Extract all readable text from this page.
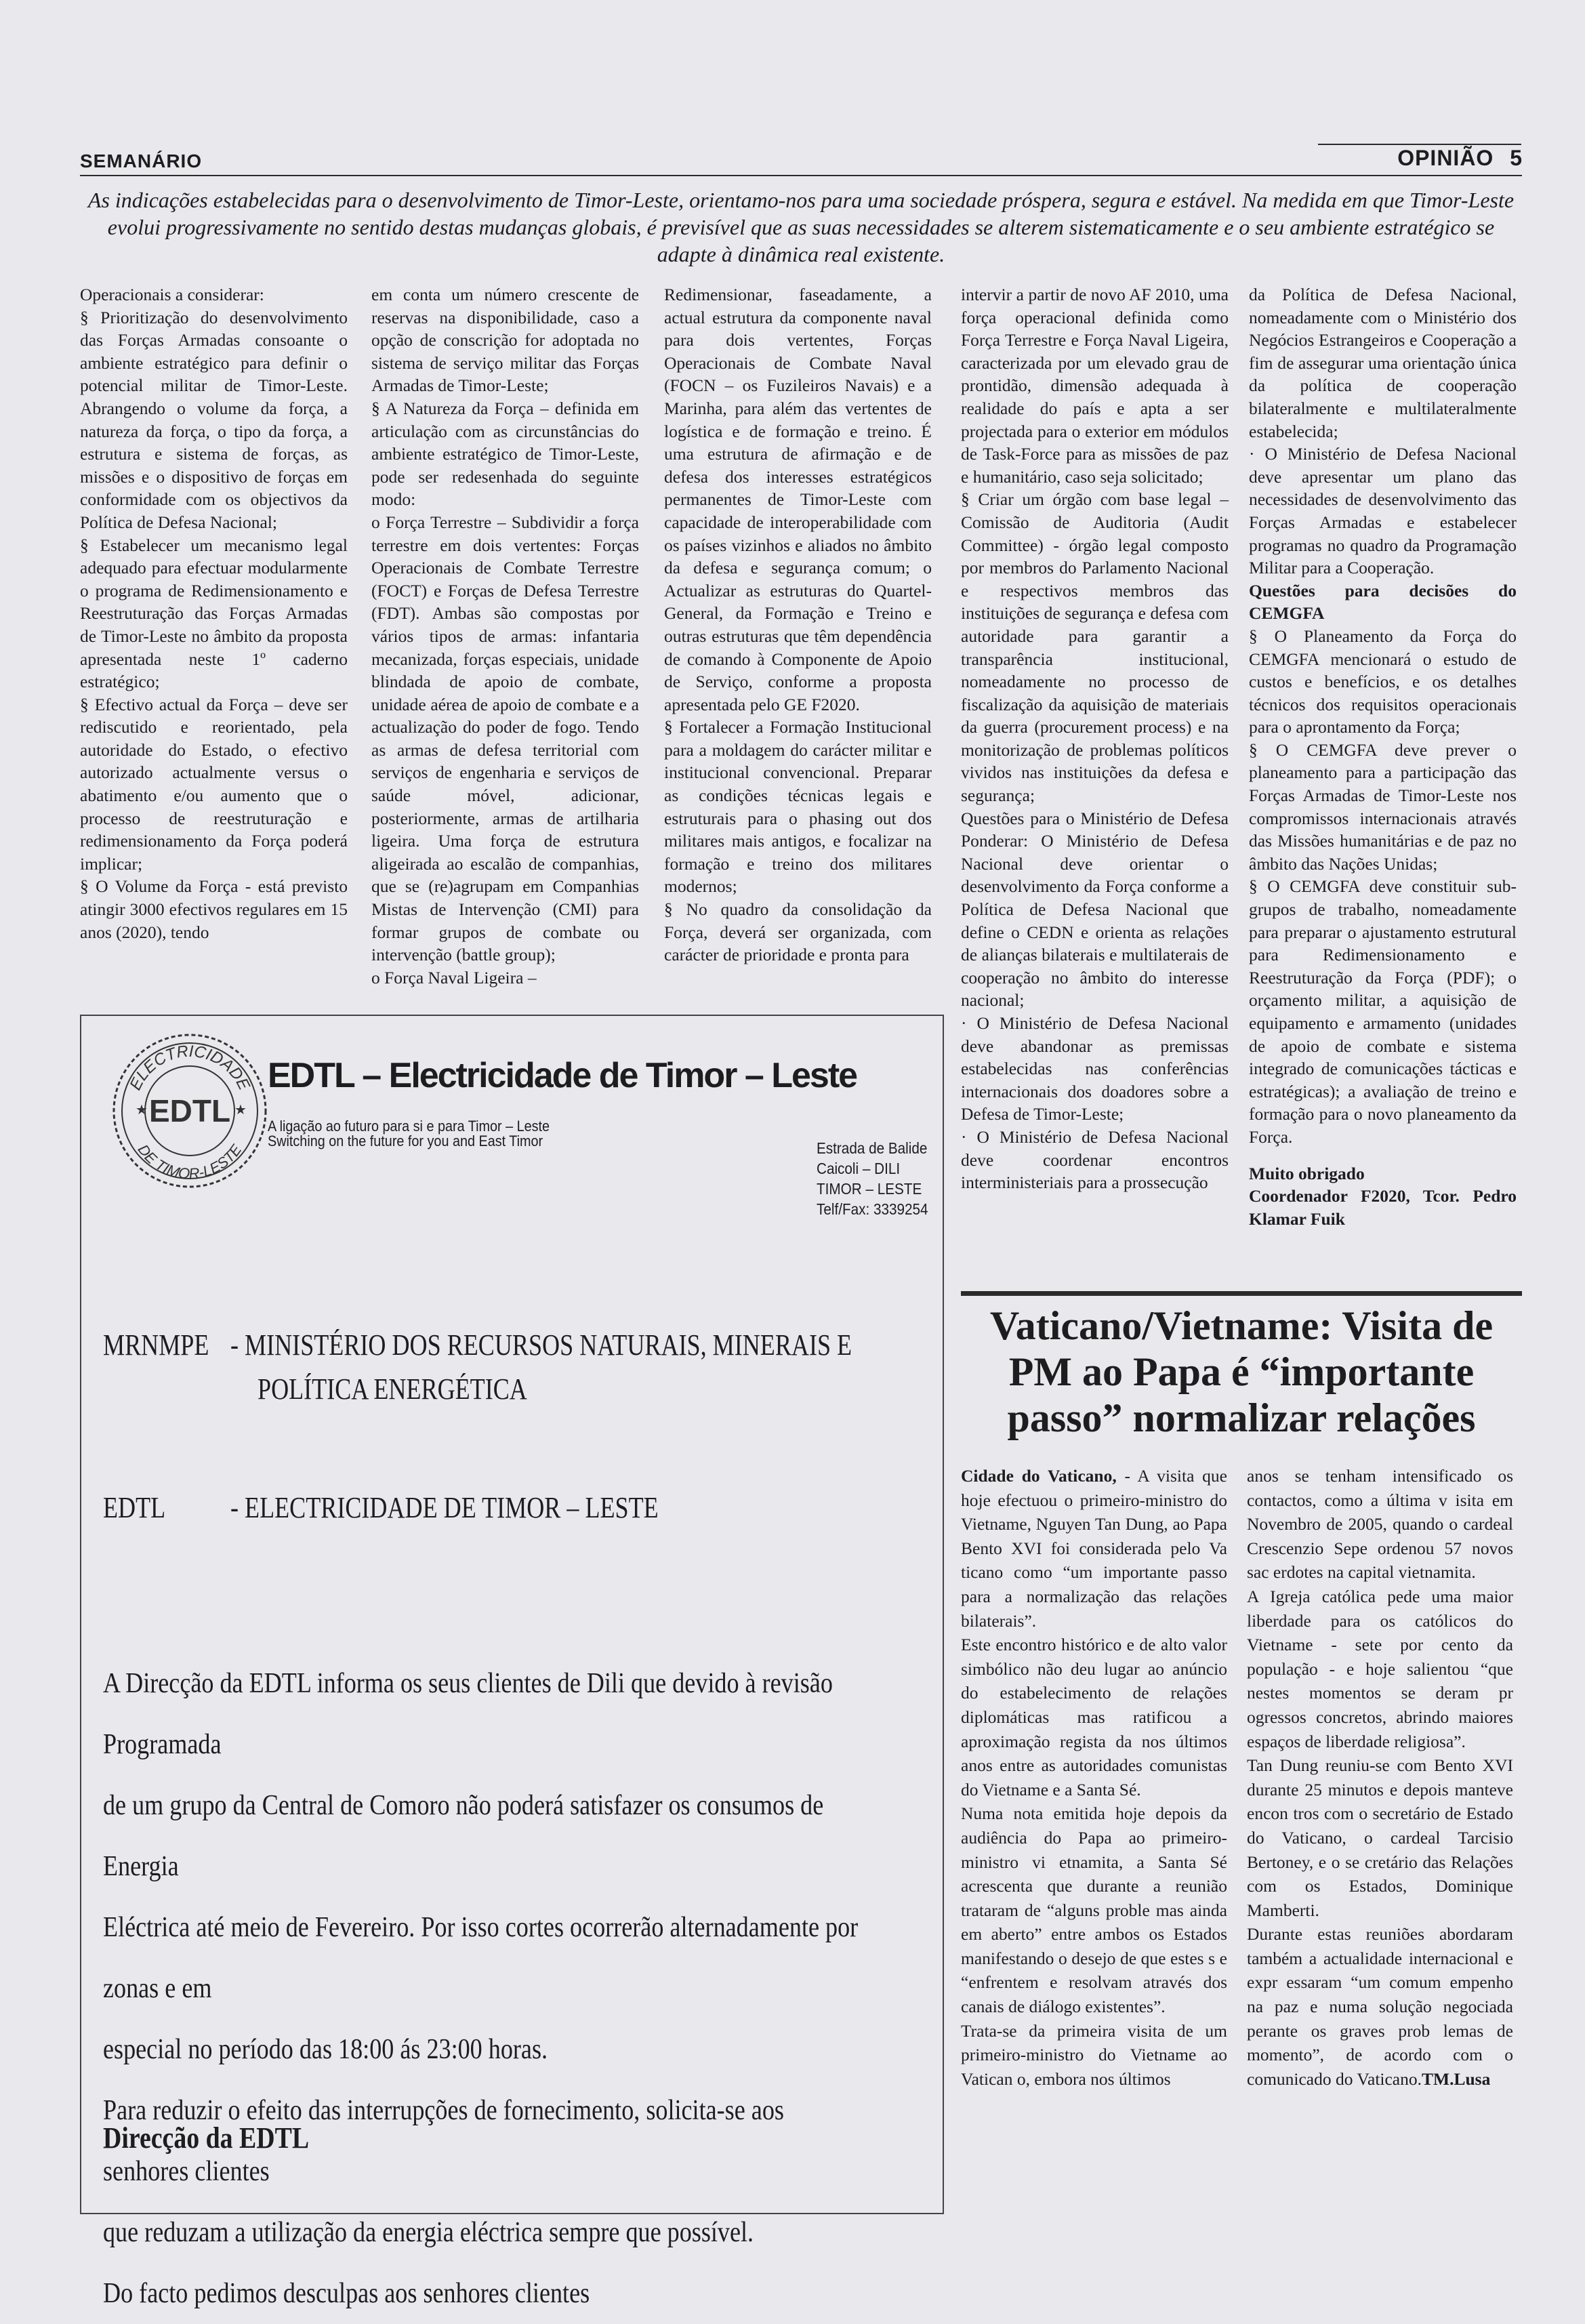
SEMANÁRIO	OPINIÃO 5
As indicações estabelecidas para o desenvolvimento de Timor-Leste, orientamo-nos para uma sociedade próspera, segura e estável. Na medida em que Timor-Leste evolui progressivamente no sentido destas mudanças globais, é previsível que as suas necessidades se alterem sistematicamente e o seu ambiente estratégico se adapte à dinâmica real existente.

Operacionais a considerar:

§ Prioritização do desenvolvimento das Forças Armadas consoante o ambiente estratégico para definir o potencial militar de Timor-Leste. Abrangendo o volume da força, a natureza da força, o tipo da força, a estrutura e sistema de forças, as missões e o dispositivo de forças em conformidade com os objectivos da Política de Defesa Nacional;

§ Estabelecer um mecanismo legal adequado para efectuar modularmente o programa de Redimensionamento e Reestruturação das Forças Armadas de Timor-Leste no âmbito da proposta apresentada neste 1º caderno estratégico;

§ Efectivo actual da Força – deve ser rediscutido e reorientado, pela autoridade do Estado, o efectivo autorizado actualmente versus o abatimento e/ou aumento que o processo de reestruturação e redimensionamento da Força poderá implicar;

§ O Volume da Força - está previsto atingir 3000 efectivos regulares em 15 anos (2020), tendo

em conta um número crescente de reservas na disponibilidade, caso a opção de conscrição for adoptada no sistema de serviço militar das Forças Armadas de Timor-Leste;

§ A Natureza da Força – definida em articulação com as circunstâncias do ambiente estratégico de Timor-Leste, pode ser redesenhada do seguinte modo:

o Força Terrestre – Subdividir a força terrestre em dois vertentes: Forças Operacionais de Combate Terrestre (FOCT) e Forças de Defesa Terrestre (FDT). Ambas são compostas por vários tipos de armas: infantaria mecanizada, forças especiais, unidade blindada de apoio de combate, unidade aérea de apoio de combate e a actualização do poder de fogo. Tendo as armas de defesa territorial com serviços de engenharia e serviços de saúde móvel, adicionar, posteriormente, armas de artilharia ligeira. Uma força de estrutura aligeirada ao escalão de companhias, que se (re)agrupam em Companhias Mistas de Intervenção (CMI) para formar grupos de combate ou intervenção (battle group);

o Força Naval Ligeira –

Redimensionar, faseadamente, a actual estrutura da componente naval para dois vertentes, Forças Operacionais de Combate Naval (FOCN – os Fuzileiros Navais) e a Marinha, para além das vertentes de logística e de formação e treino. É uma estrutura de afirmação e de defesa dos interesses estratégicos permanentes de Timor-Leste com capacidade de interoperabilidade com os países vizinhos e aliados no âmbito da defesa e segurança comum; o Actualizar as estruturas do Quartel-General, da Formação e Treino e outras estruturas que têm dependência de comando à Componente de Apoio de Serviço, conforme a proposta apresentada pelo GE F2020.

§ Fortalecer a Formação Institucional para a moldagem do carácter militar e institucional convencional. Preparar as condições técnicas legais e estruturais para o phasing out dos militares mais antigos, e focalizar na formação e treino dos militares modernos;

§ No quadro da consolidação da Força, deverá ser organizada, com carácter de prioridade e pronta para

intervir a partir de novo AF 2010, uma força operacional definida como Força Terrestre e Força Naval Ligeira, caracterizada por um elevado grau de prontidão, dimensão adequada à realidade do país e apta a ser projectada para o exterior em módulos de Task-Force para as missões de paz e humanitário, caso seja solicitado;

§ Criar um órgão com base legal – Comissão de Auditoria (Audit Committee) - órgão legal composto por membros do Parlamento Nacional e respectivos membros das instituições de segurança e defesa com autoridade para garantir a transparência institucional, nomeadamente no processo de fiscalização da aquisição de materiais da guerra (procurement process) e na monitorização de problemas políticos vividos nas instituições da defesa e segurança;

Questões para o Ministério de Defesa Ponderar: O Ministério de Defesa Nacional deve orientar o desenvolvimento da Força conforme a Política de Defesa Nacional que define o CEDN e orienta as relações de alianças bilaterais e multilaterais de cooperação no âmbito do interesse nacional;

· O Ministério de Defesa Nacional deve abandonar as premissas estabelecidas nas conferências internacionais dos doadores sobre a Defesa de Timor-Leste;

· O Ministério de Defesa Nacional deve coordenar encontros interministeriais para a prossecução

da Política de Defesa Nacional, nomeadamente com o Ministério dos Negócios Estrangeiros e Cooperação a fim de assegurar uma orientação única da política de cooperação bilateralmente e multilateralmente estabelecida;

· O Ministério de Defesa Nacional deve apresentar um plano das necessidades de desenvolvimento das Forças Armadas e estabelecer programas no quadro da Programação Militar para a Cooperação.

Questões para decisões do CEMGFA

§ O Planeamento da Força do CEMGFA mencionará o estudo de custos e benefícios, e os detalhes técnicos dos requisitos operacionais para o aprontamento da Força;

§ O CEMGFA deve prever o planeamento para a participação das Forças Armadas de Timor-Leste nos compromissos internacionais através das Missões humanitárias e de paz no âmbito das Nações Unidas;

§ O CEMGFA deve constituir sub-grupos de trabalho, nomeadamente para preparar o ajustamento estrutural para Redimensionamento e Reestruturação da Força (PDF); o orçamento militar, a aquisição de equipamento e armamento (unidades de apoio de combate e sistema integrado de comunicações tácticas e estratégicas); a avaliação de treino e formação para o novo planeamento da Força.

Muito obrigado

Coordenador F2020, Tcor. Pedro Klamar Fuik

ELECTRICIDADE
DE TIMOR-LESTE
EDTL
★	★
EDTL – Electricidade de Timor – Leste
A ligação ao futuro para si e para Timor – Leste
Switching on the future for you and East Timor	Estrada de Balide
Caicoli – DILI
TIMOR – LESTE
Telf/Fax: 3339254
MRNMPE - MINISTÉRIO DOS RECURSOS NATURAIS, MINERAIS E
POLÍTICA ENERGÉTICA
EDTL - ELECTRICIDADE DE TIMOR – LESTE

A Direcção da EDTL informa os seus clientes de Dili que devido à revisão Programada

de um grupo da Central de Comoro não poderá satisfazer os consumos de Energia

Eléctrica até meio de Fevereiro. Por isso cortes ocorrerão alternadamente por zonas e em

especial no período das 18:00 ás 23:00 horas.

Para reduzir o efeito das interrupções de fornecimento, solicita-se aos senhores clientes

que reduzam a utilização da energia eléctrica sempre que possível.

Do facto pedimos desculpas aos senhores clientes

Direcção da EDTL
Vaticano/Vietname: Visita de PM ao Papa é “importante passo” normalizar relações

Cidade do Vaticano, - A visita que hoje efectuou o primeiro-ministro do Vietname, Nguyen Tan Dung, ao Papa Bento XVI foi considerada pelo Va ticano como “um importante passo para a normalização das relações bilaterais”.

Este encontro histórico e de alto valor simbólico não deu lugar ao anúncio do estabelecimento de relações diplomáticas mas ratificou a aproximação regista da nos últimos anos entre as autoridades comunistas do Vietname e a Santa Sé.

Numa nota emitida hoje depois da audiência do Papa ao primeiro-ministro vi etnamita, a Santa Sé acrescenta que durante a reunião trataram de “alguns proble mas ainda em aberto” entre ambos os Estados manifestando o desejo de que estes s e “enfrentem e resolvam através dos canais de diálogo existentes”.

Trata-se da primeira visita de um primeiro-ministro do Vietname ao Vatican o, embora nos últimos

anos se tenham intensificado os contactos, como a última v isita em Novembro de 2005, quando o cardeal Crescenzio Sepe ordenou 57 novos sac erdotes na capital vietnamita.

A Igreja católica pede uma maior liberdade para os católicos do Vietname - sete por cento da população - e hoje salientou “que nestes momentos se deram pr ogressos concretos, abrindo maiores espaços de liberdade religiosa”.

Tan Dung reuniu-se com Bento XVI durante 25 minutos e depois manteve encon tros com o secretário de Estado do Vaticano, o cardeal Tarcisio Bertoney, e o se cretário das Relações com os Estados, Dominique Mamberti.

Durante estas reuniões abordaram também a actualidade internacional e expr essaram “um comum empenho na paz e numa solução negociada perante os graves prob lemas de momento”, de acordo com o comunicado do Vaticano.TM.Lusa
